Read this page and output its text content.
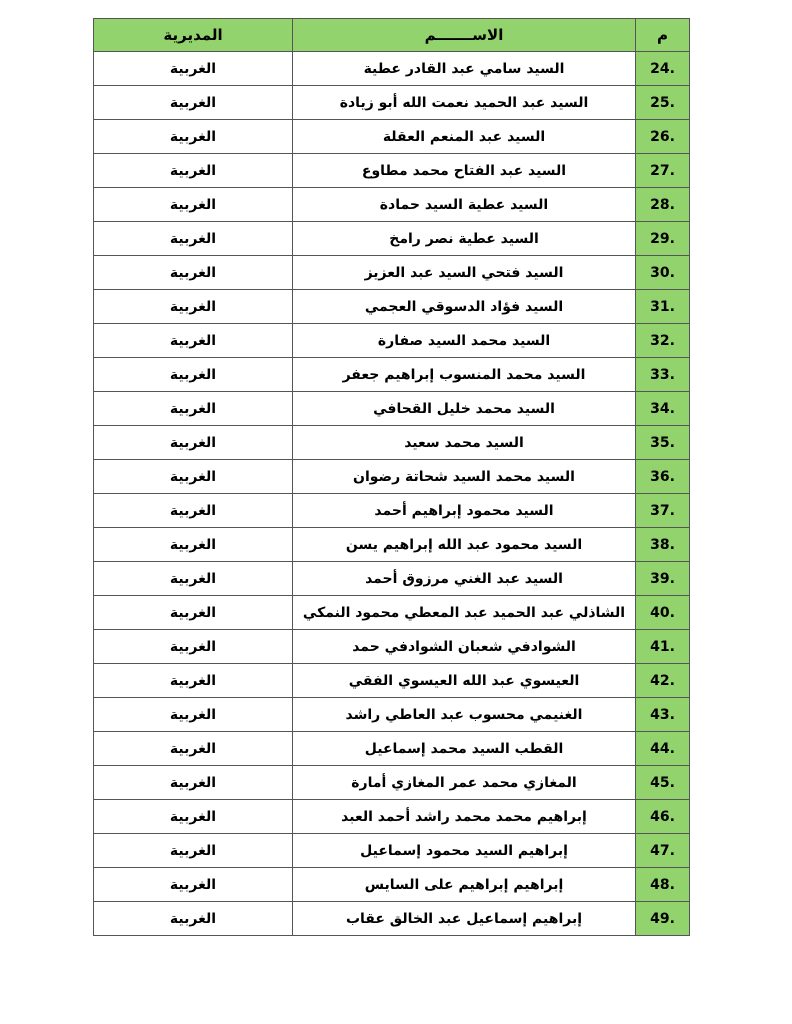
م	الاســـــــم	المديرية
24.	السيد سامي عبد القادر عطية	الغربية
25.	السيد عبد الحميد نعمت الله أبو زيادة	الغربية
26.	السيد عبد المنعم العقلة	الغربية
27.	السيد عبد الفتاح محمد مطاوع	الغربية
28.	السيد عطية السيد حمادة	الغربية
29.	السيد عطية نصر رامخ	الغربية
30.	السيد فتحي السيد عبد العزيز	الغربية
31.	السيد فؤاد الدسوقي العجمي	الغربية
32.	السيد محمد السيد صفارة	الغربية
33.	السيد محمد المنسوب إبراهيم جعفر	الغربية
34.	السيد محمد خليل القحافي	الغربية
35.	السيد محمد سعيد	الغربية
36.	السيد محمد السيد شحاتة رضوان	الغربية
37.	السيد محمود إبراهيم أحمد	الغربية
38.	السيد محمود عبد الله إبراهيم يسن	الغربية
39.	السيد عبد الغني مرزوق أحمد	الغربية
40.	الشاذلي عبد الحميد عبد المعطي محمود النمكي	الغربية
41.	الشوادفي شعبان الشوادفي حمد	الغربية
42.	العيسوي عبد الله العيسوي الفقي	الغربية
43.	الغنيمي محسوب عبد العاطي راشد	الغربية
44.	القطب السيد محمد إسماعيل	الغربية
45.	المغازي محمد عمر المغازي أمارة	الغربية
46.	إبراهيم محمد محمد راشد أحمد العبد	الغربية
47.	إبراهيم السيد محمود إسماعيل	الغربية
48.	إبراهيم إبراهيم على السايس	الغربية
49.	إبراهيم إسماعيل عبد الخالق عقاب	الغربية
